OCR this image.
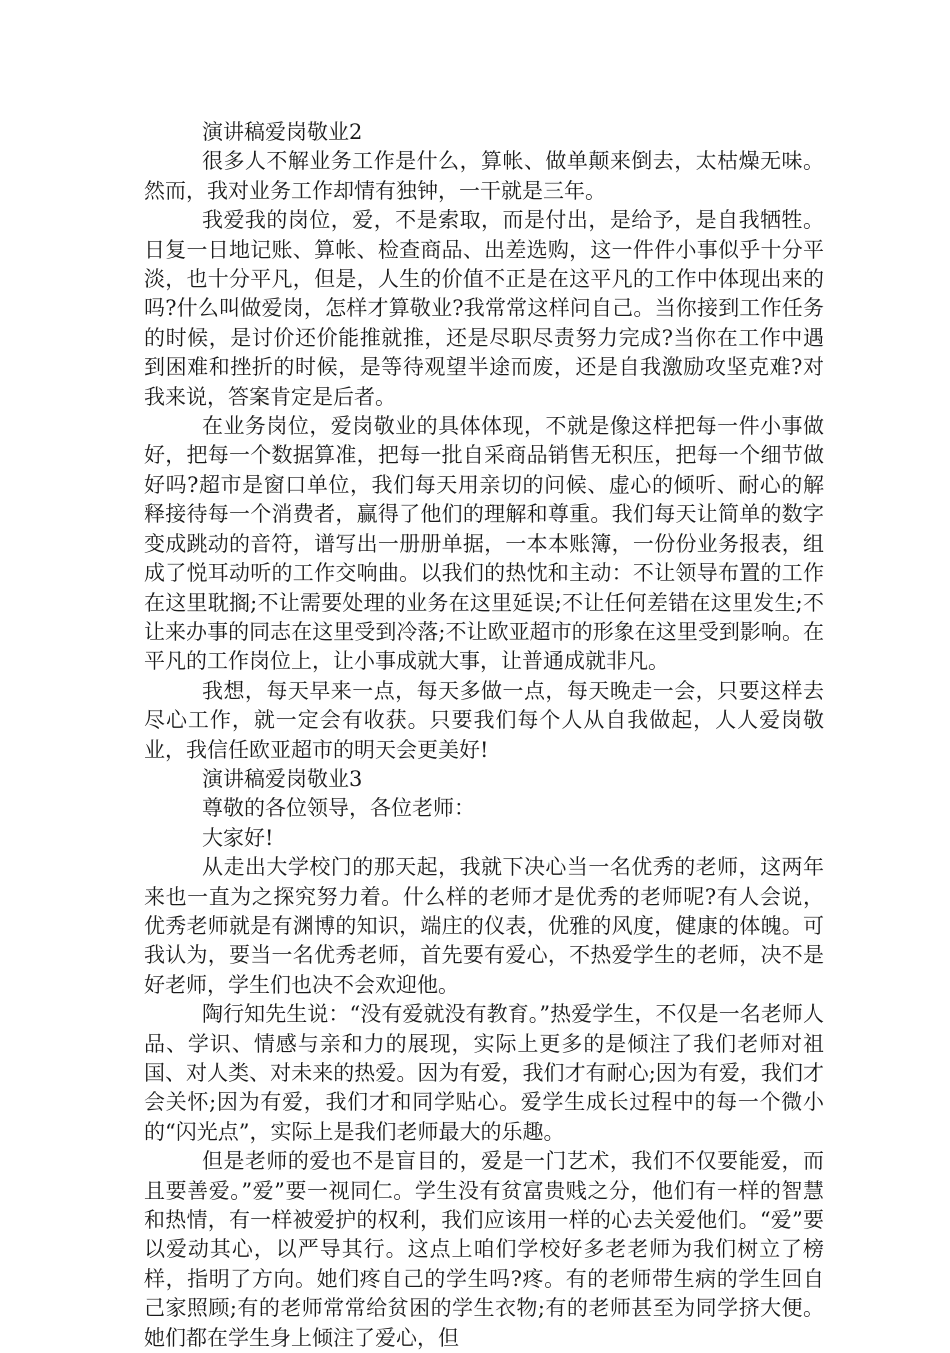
演讲稿爱岗敬业2

很多人不解业务工作是什么，算帐、做单颠来倒去，太枯燥无味。然而，我对业务工作却情有独钟，一干就是三年。

我爱我的岗位，爱，不是索取，而是付出，是给予，是自我牺牲。日复一日地记账、算帐、检查商品、出差选购，这一件件小事似乎十分平淡，也十分平凡，但是，人生的价值不正是在这平凡的工作中体现出来的吗?什么叫做爱岗，怎样才算敬业?我常常这样问自己。当你接到工作任务的时候，是讨价还价能推就推，还是尽职尽责努力完成?当你在工作中遇到困难和挫折的时候，是等待观望半途而废，还是自我激励攻坚克难?对我来说，答案肯定是后者。

在业务岗位，爱岗敬业的具体体现，不就是像这样把每一件小事做好，把每一个数据算准，把每一批自采商品销售无积压，把每一个细节做好吗?超市是窗口单位，我们每天用亲切的问候、虚心的倾听、耐心的解释接待每一个消费者，赢得了他们的理解和尊重。我们每天让简单的数字变成跳动的音符，谱写出一册册单据，一本本账簿，一份份业务报表，组成了悦耳动听的工作交响曲。以我们的热忱和主动：不让领导布置的工作在这里耽搁;不让需要处理的业务在这里延误;不让任何差错在这里发生;不让来办事的同志在这里受到冷落;不让欧亚超市的形象在这里受到影响。在平凡的工作岗位上，让小事成就大事，让普通成就非凡。

我想，每天早来一点，每天多做一点，每天晚走一会，只要这样去尽心工作，就一定会有收获。只要我们每个人从自我做起，人人爱岗敬业，我信任欧亚超市的明天会更美好!

演讲稿爱岗敬业3

尊敬的各位领导，各位老师：

大家好!

从走出大学校门的那天起，我就下决心当一名优秀的老师，这两年来也一直为之探究努力着。什么样的老师才是优秀的老师呢?有人会说，优秀老师就是有渊博的知识，端庄的仪表，优雅的风度，健康的体魄。可我认为，要当一名优秀老师，首先要有爱心，不热爱学生的老师，决不是好老师，学生们也决不会欢迎他。

陶行知先生说：“没有爱就没有教育。”热爱学生，不仅是一名老师人品、学识、情感与亲和力的展现，实际上更多的是倾注了我们老师对祖国、对人类、对未来的热爱。因为有爱，我们才有耐心;因为有爱，我们才会关怀;因为有爱，我们才和同学贴心。爱学生成长过程中的每一个微小的“闪光点”，实际上是我们老师最大的乐趣。

但是老师的爱也不是盲目的，爱是一门艺术，我们不仅要能爱，而且要善爱。”爱”要一视同仁。学生没有贫富贵贱之分，他们有一样的智慧和热情，有一样被爱护的权利，我们应该用一样的心去关爱他们。“爱”要以爱动其心，以严导其行。这点上咱们学校好多老老师为我们树立了榜样，指明了方向。她们疼自己的学生吗?疼。有的老师带生病的学生回自己家照顾;有的老师常常给贫困的学生衣物;有的老师甚至为同学挤大便。她们都在学生身上倾注了爱心，但
